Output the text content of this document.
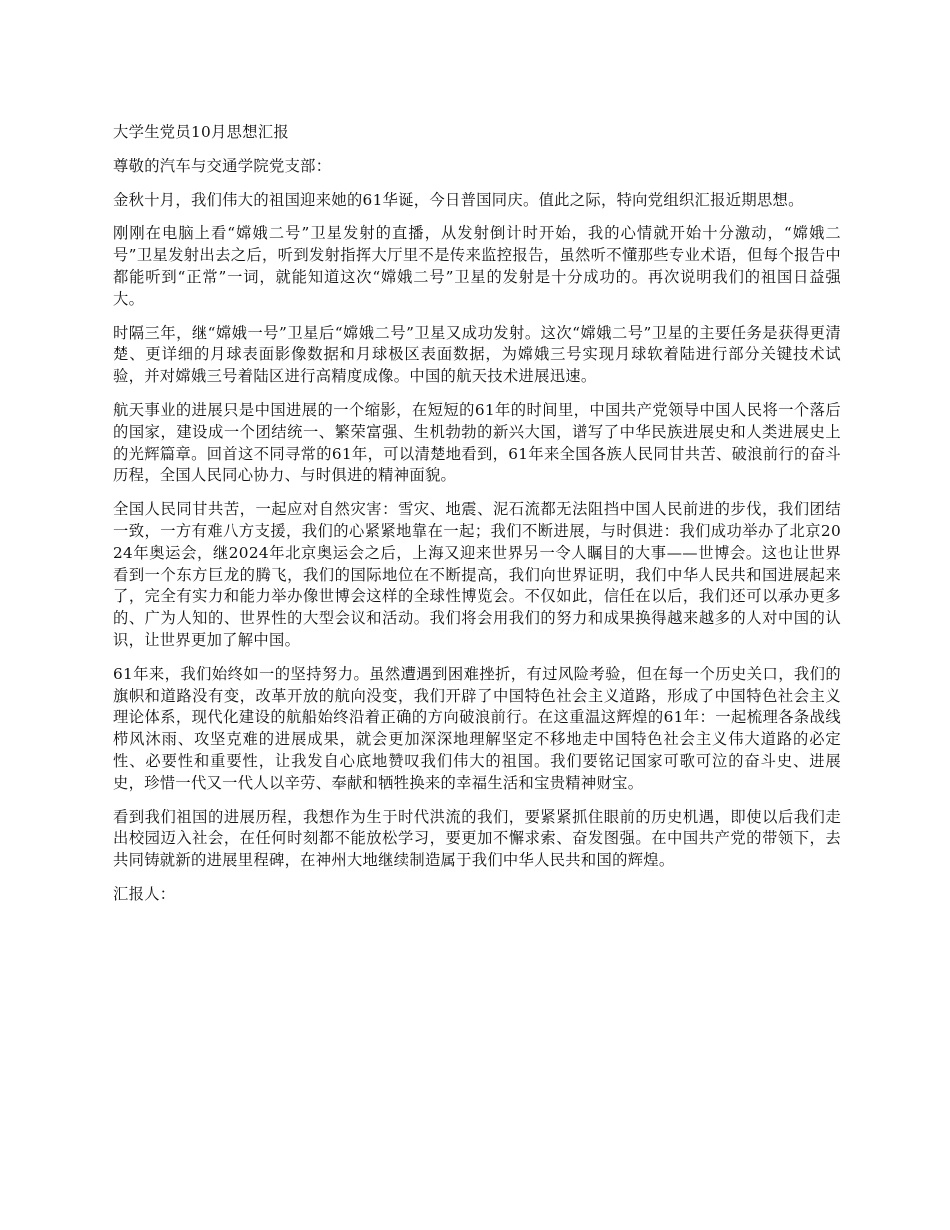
大学生党员10月思想汇报

尊敬的汽车与交通学院党支部：

金秋十月，我们伟大的祖国迎来她的61华诞，今日普国同庆。值此之际，特向党组织汇报近期思想。

刚刚在电脑上看“嫦娥二号”卫星发射的直播，从发射倒计时开始，我的心情就开始十分激动，“嫦娥二号”卫星发射出去之后，听到发射指挥大厅里不是传来监控报告，虽然听不懂那些专业术语，但每个报告中都能听到“正常”一词，就能知道这次“嫦娥二号”卫星的发射是十分成功的。再次说明我们的祖国日益强大。

时隔三年，继“嫦娥一号”卫星后“嫦娥二号”卫星又成功发射。这次“嫦娥二号”卫星的主要任务是获得更清楚、更详细的月球表面影像数据和月球极区表面数据，为嫦娥三号实现月球软着陆进行部分关键技术试验，并对嫦娥三号着陆区进行高精度成像。中国的航天技术进展迅速。

航天事业的进展只是中国进展的一个缩影，在短短的61年的时间里，中国共产党领导中国人民将一个落后的国家，建设成一个团结统一、繁荣富强、生机勃勃的新兴大国，谱写了中华民族进展史和人类进展史上的光辉篇章。回首这不同寻常的61年，可以清楚地看到，61年来全国各族人民同甘共苦、破浪前行的奋斗历程，全国人民同心协力、与时俱进的精神面貌。

全国人民同甘共苦，一起应对自然灾害：雪灾、地震、泥石流都无法阻挡中国人民前进的步伐，我们团结一致，一方有难八方支援，我们的心紧紧地靠在一起；我们不断进展，与时俱进：我们成功举办了北京2024年奥运会，继2024年北京奥运会之后，上海又迎来世界另一令人瞩目的大事——世博会。这也让世界看到一个东方巨龙的腾飞，我们的国际地位在不断提高，我们向世界证明，我们中华人民共和国进展起来了，完全有实力和能力举办像世博会这样的全球性博览会。不仅如此，信任在以后，我们还可以承办更多的、广为人知的、世界性的大型会议和活动。我们将会用我们的努力和成果换得越来越多的人对中国的认识，让世界更加了解中国。

61年来，我们始终如一的坚持努力。虽然遭遇到困难挫折，有过风险考验，但在每一个历史关口，我们的旗帜和道路没有变，改革开放的航向没变，我们开辟了中国特色社会主义道路，形成了中国特色社会主义理论体系，现代化建设的航船始终沿着正确的方向破浪前行。在这重温这辉煌的61年：一起梳理各条战线栉风沐雨、攻坚克难的进展成果，就会更加深深地理解坚定不移地走中国特色社会主义伟大道路的必定性、必要性和重要性，让我发自心底地赞叹我们伟大的祖国。我们要铭记国家可歌可泣的奋斗史、进展史，珍惜一代又一代人以辛劳、奉献和牺牲换来的幸福生活和宝贵精神财宝。

看到我们祖国的进展历程，我想作为生于时代洪流的我们，要紧紧抓住眼前的历史机遇，即使以后我们走出校园迈入社会，在任何时刻都不能放松学习，要更加不懈求索、奋发图强。在中国共产党的带领下，去共同铸就新的进展里程碑，在神州大地继续制造属于我们中华人民共和国的辉煌。

汇报人：
